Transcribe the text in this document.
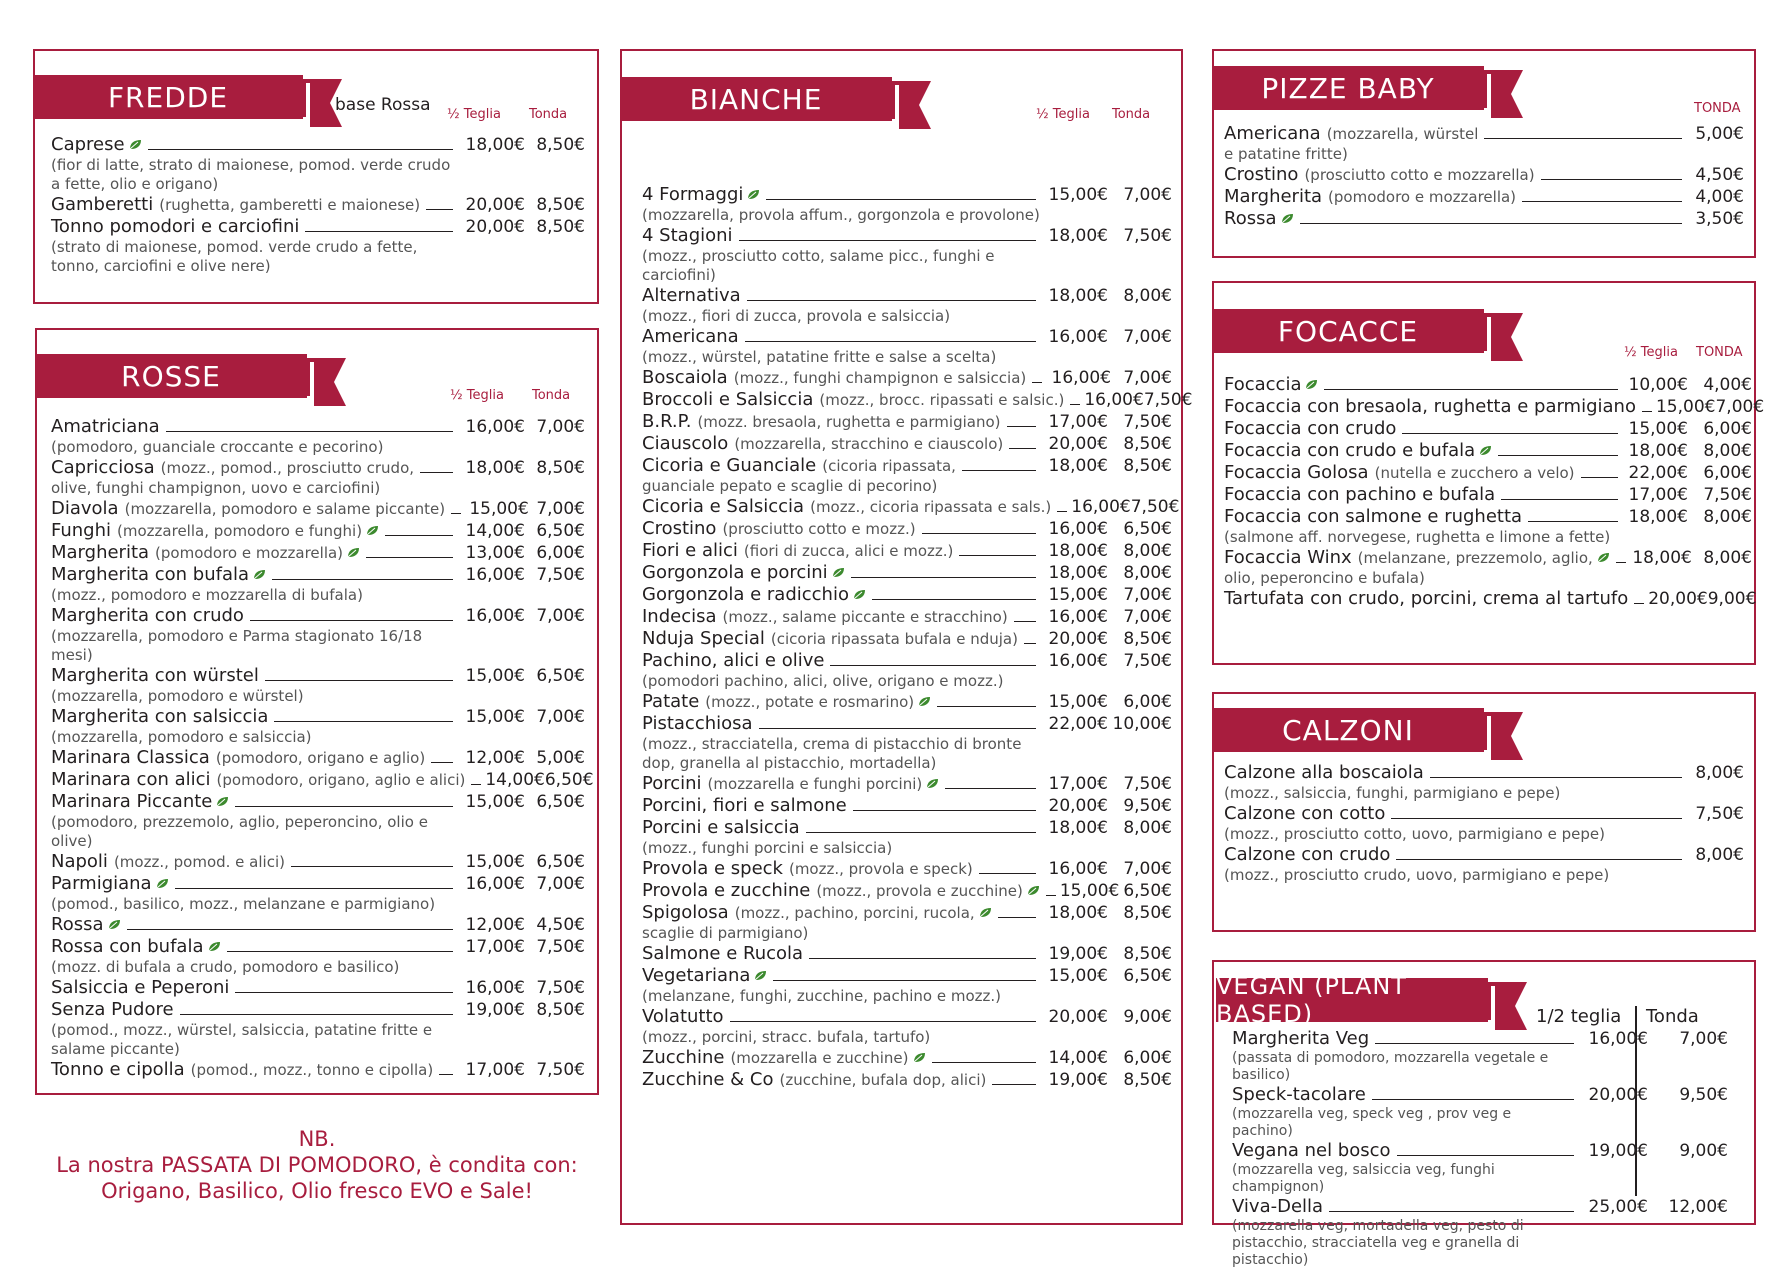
FREDDE	base Rossa ½ Teglia Tonda
Caprese	18,00€ 8,50€
(fior di latte, strato di maionese, pomod. verde crudo a fette, olio e origano)
Gamberetti (rughetta, gamberetti e maionese)	20,00€ 8,50€
Tonno pomodori e carciofini	20,00€ 8,50€
(strato di maionese, pomod. verde crudo a fette, tonno, carciofini e olive nere)
ROSSE
½ Teglia Tonda
Amatriciana	16,00€ 7,00€
(pomodoro, guanciale croccante e pecorino)
Capricciosa (mozz., pomod., prosciutto crudo,	18,00€ 8,50€
olive, funghi champignon, uovo e carciofini)
Diavola (mozzarella, pomodoro e salame piccante) 15,00€ 7,00€
Funghi (mozzarella, pomodoro e funghi)	14,00€ 6,50€
Margherita (pomodoro e mozzarella)	13,00€ 6,00€
Margherita con bufala	16,00€ 7,50€
(mozz., pomodoro e mozzarella di bufala)
Margherita con crudo	16,00€ 7,00€
(mozzarella, pomodoro e Parma stagionato 16/18 mesi)
Margherita con würstel	15,00€ 6,50€
(mozzarella, pomodoro e würstel)
Margherita con salsiccia	15,00€ 7,00€
(mozzarella, pomodoro e salsiccia)
Marinara Classica (pomodoro, origano e aglio)	12,00€ 5,00€
Marinara con alici (pomodoro, origano, aglio e alici) 14,00€ 6,50€
Marinara Piccante	15,00€ 6,50€
(pomodoro, prezzemolo, aglio, peperoncino, olio e olive)
Napoli (mozz., pomod. e alici)	15,00€ 6,50€
Parmigiana	16,00€ 7,00€
(pomod., basilico, mozz., melanzane e parmigiano)
Rossa	12,00€ 4,50€
Rossa con bufala	17,00€ 7,50€
(mozz. di bufala a crudo, pomodoro e basilico)
Salsiccia e Peperoni	16,00€ 7,50€
Senza Pudore	19,00€ 8,50€
(pomod., mozz., würstel, salsiccia, patatine fritte e salame piccante)
Tonno e cipolla (pomod., mozz., tonno e cipolla)	17,00€ 7,50€
NB.
La nostra PASSATA DI POMODORO, è condita con:
Origano, Basilico, Olio fresco EVO e Sale!
BIANCHE	½ Teglia Tonda
4 Formaggi	15,00€ 7,00€
(mozzarella, provola affum., gorgonzola e provolone)
4 Stagioni	18,00€ 7,50€
(mozz., prosciutto cotto, salame picc., funghi e carciofini)
Alternativa	18,00€ 8,00€
(mozz., fiori di zucca, provola e salsiccia)
Americana	16,00€ 7,00€
(mozz., würstel, patatine fritte e salse a scelta)
Boscaiola (mozz., funghi champignon e salsiccia)	16,00€ 7,00€
Broccoli e Salsiccia (mozz., brocc. ripassati e salsic.) 16,00€ 7,50€
B.R.P. (mozz. bresaola, rughetta e parmigiano)	17,00€ 7,50€
Ciauscolo (mozzarella, stracchino e ciauscolo)	20,00€ 8,50€
Cicoria e Guanciale (cicoria ripassata,	18,00€ 8,50€
guanciale pepato e scaglie di pecorino)
Cicoria e Salsiccia (mozz., cicoria ripassata e sals.) 16,00€ 7,50€
Crostino (prosciutto cotto e mozz.)	16,00€ 6,50€
Fiori e alici (fiori di zucca, alici e mozz.)	18,00€ 8,00€
Gorgonzola e porcini	18,00€ 8,00€
Gorgonzola e radicchio	15,00€ 7,00€
Indecisa (mozz., salame piccante e stracchino)	16,00€ 7,00€
Nduja Special (cicoria ripassata bufala e nduja)	20,00€ 8,50€
Pachino, alici e olive	16,00€ 7,50€
(pomodori pachino, alici, olive, origano e mozz.)
Patate (mozz., potate e rosmarino)	15,00€ 6,00€
Pistacchiosa	22,00€ 10,00€
(mozz., stracciatella, crema di pistacchio di bronte dop, granella al pistacchio, mortadella)
Porcini (mozzarella e funghi porcini)	17,00€ 7,50€
Porcini, fiori e salmone	20,00€ 9,50€
Porcini e salsiccia	18,00€ 8,00€
(mozz., funghi porcini e salsiccia)
Provola e speck (mozz., provola e speck)	16,00€ 7,00€
Provola e zucchine (mozz., provola e zucchine) 15,00€ 6,50€
Spigolosa (mozz., pachino, porcini, rucola,	18,00€ 8,50€
scaglie di parmigiano)
Salmone e Rucola	19,00€ 8,50€
Vegetariana	15,00€ 6,50€
(melanzane, funghi, zucchine, pachino e mozz.)
Volatutto	20,00€ 9,00€
(mozz., porcini, stracc. bufala, tartufo)
Zucchine (mozzarella e zucchine)	14,00€ 6,00€
Zucchine & Co (zucchine, bufala dop, alici)	19,00€ 8,50€
PIZZE BABY
TONDA
Americana (mozzarella, würstel	5,00€
e patatine fritte)
Crostino (prosciutto cotto e mozzarella)	4,50€
Margherita (pomodoro e mozzarella)	4,00€
Rossa	3,50€
FOCACCE
½ Teglia TONDA
Focaccia	10,00€ 4,00€
Focaccia con bresaola, rughetta e parmigiano 15,00€ 7,00€
Focaccia con crudo	15,00€ 6,00€
Focaccia con crudo e bufala	18,00€ 8,00€
Focaccia Golosa (nutella e zucchero a velo)	22,00€ 6,00€
Focaccia con pachino e bufala	17,00€ 7,50€
Focaccia con salmone e rughetta	18,00€ 8,00€
(salmone aff. norvegese, rughetta e limone a fette)
Focaccia Winx (melanzane, prezzemolo, aglio, 18,00€ 8,00€
olio, peperoncino e bufala)
Tartufata con crudo, porcini, crema al tartufo 20,00€ 9,00€
CALZONI
Calzone alla boscaiola	8,00€
(mozz., salsiccia, funghi, parmigiano e pepe)
Calzone con cotto	7,50€
(mozz., prosciutto cotto, uovo, parmigiano e pepe)
Calzone con crudo	8,00€
(mozz., prosciutto crudo, uovo, parmigiano e pepe)
VEGAN (PLANT BASED)	1/2 teglia Tonda
Margherita Veg	16,00€	7,00€
(passata di pomodoro, mozzarella vegetale e basilico)
Speck-tacolare	20,00€	9,50€
(mozzarella veg, speck veg , prov veg e pachino)
Vegana nel bosco	19,00€	9,00€
(mozzarella veg, salsiccia veg, funghi champignon)
Viva-Della	25,00€	12,00€
(mozzarella veg, mortadella veg, pesto di pistacchio, stracciatella veg e granella di pistacchio)
